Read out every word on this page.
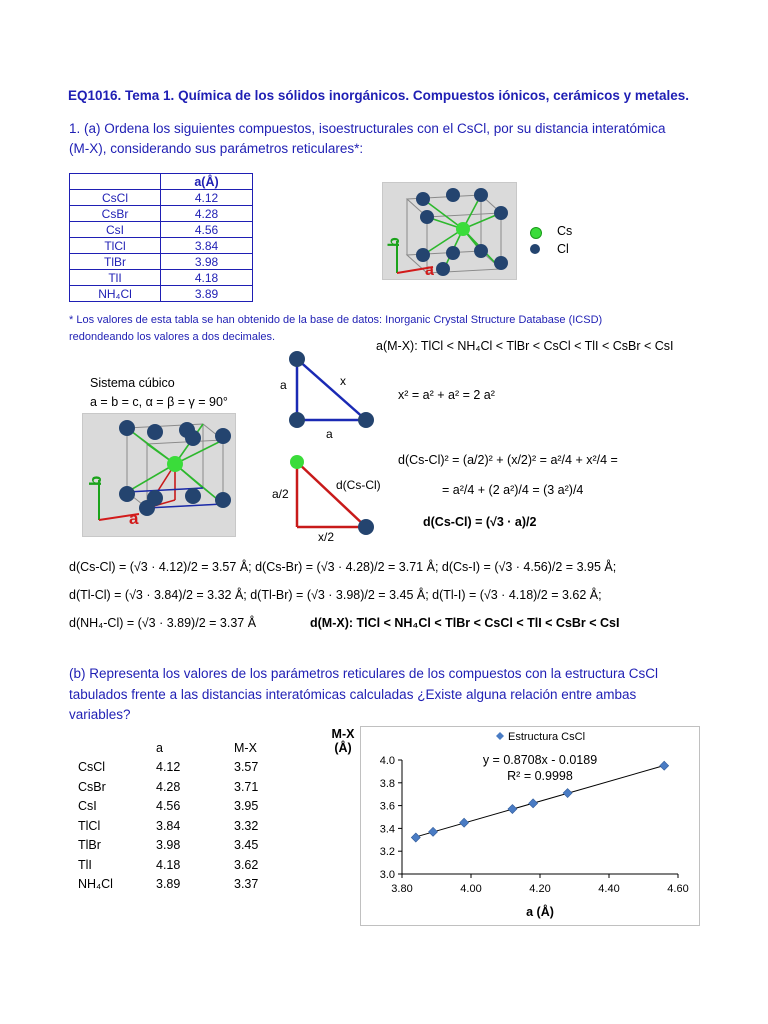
EQ1016. Tema 1. Química de los sólidos inorgánicos. Compuestos iónicos, cerámicos y metales.
1. (a) Ordena los siguientes compuestos, isoestructurales con el CsCl, por su distancia interatómica
(M-X), considerando sus parámetros reticulares*:
	a(Å)
CsCl	4.12
CsBr	4.28
CsI	4.56
TlCl	3.84
TlBr	3.98
TlI	4.18
NH₄Cl	3.89
b
a
Cs
Cl
* Los valores de esta tabla se han obtenido de la base de datos: Inorganic Crystal Structure Database (ICSD)
redondeando los valores a dos decimales.
a(M-X): TlCl < NH₄Cl < TlBr < CsCl < TlI < CsBr < CsI
Sistema cúbico
a = b = c, α = β = γ = 90°
b
a
a	x
a
x² = a² + a² = 2 a²
a/2
d(Cs-Cl)
x/2
d(Cs-Cl)² = (a/2)² + (x/2)² = a²/4 + x²/4 =
= a²/4 + (2 a²)/4 = (3 a²)/4
d(Cs-Cl) = (√3 · a)/2
d(Cs-Cl) = (√3 · 4.12)/2 = 3.57 Å; d(Cs-Br) = (√3 · 4.28)/2 = 3.71 Å; d(Cs-I) = (√3 · 4.56)/2 = 3.95 Å;
d(Tl-Cl) = (√3 · 3.84)/2 = 3.32 Å; d(Tl-Br) = (√3 · 3.98)/2 = 3.45 Å; d(Tl-I) = (√3 · 4.18)/2 = 3.62 Å;
d(NH₄-Cl) = (√3 · 3.89)/2 = 3.37 Å	d(M-X): TlCl < NH₄Cl < TlBr < CsCl < TlI < CsBr < CsI
(b) Representa los valores de los parámetros reticulares de los compuestos con la estructura CsCl
tabulados frente a las distancias interatómicas calculadas ¿Existe alguna relación entre ambas
variables?
	a	M-X
CsCl	4.12	3.57
CsBr	4.28	3.71
CsI	4.56	3.95
TlCl	3.84	3.32
TlBr	3.98	3.45
TlI	4.18	3.62
NH₄Cl	3.89	3.37
M-X
(Å)
3.0
3.2
3.4
3.6
3.8
4.0
3.80	4.00	4.20	4.40	4.60
Estructura CsCl
y = 0.8708x - 0.0189
R² = 0.9998
a (Å)
